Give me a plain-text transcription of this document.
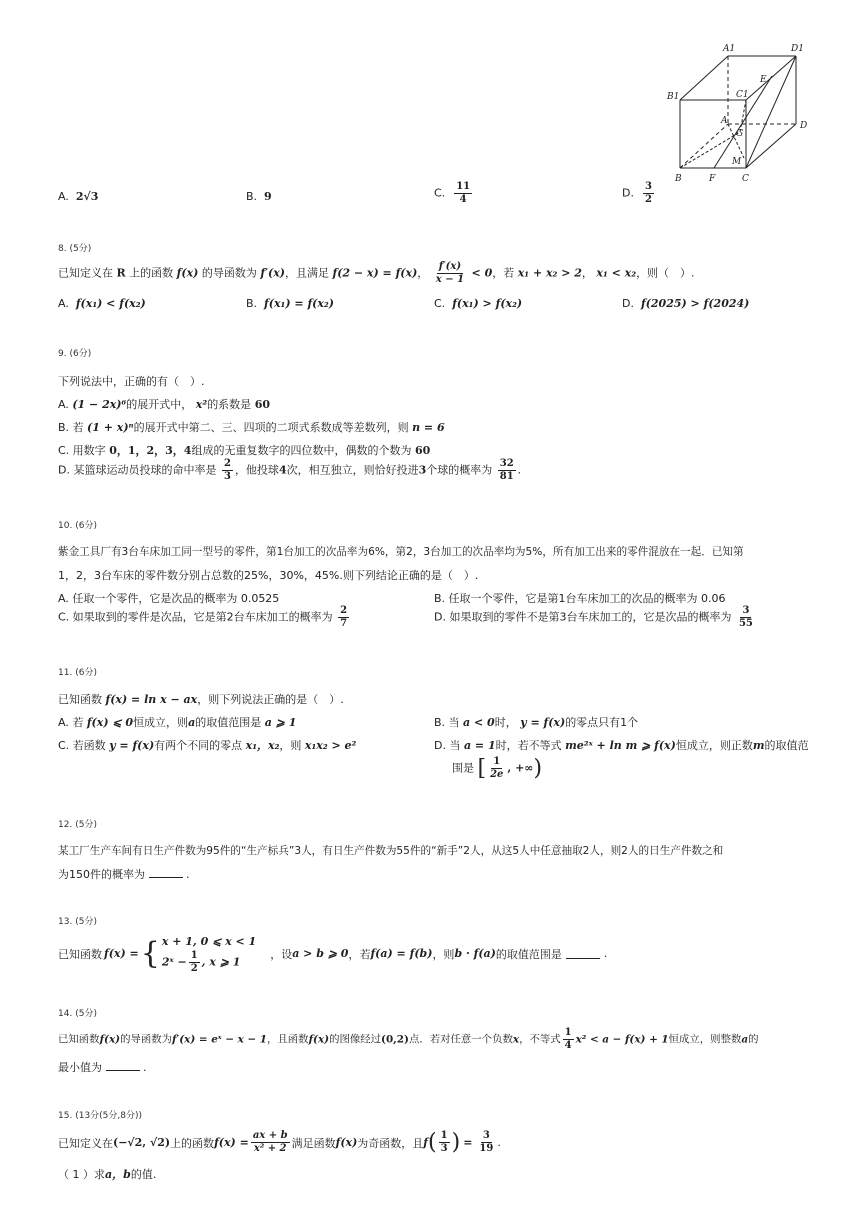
A1	D1
B1	C1
E
A
G
D
M
B	F	C
A. 2√3	B. 9	C. $\frac{11}{4}$	D. $\frac{3}{2}$
8. (5分)
已知定义在 R 上的函数 f(x) 的导函数为 f′(x)，且满足 f(2 − x) = f(x)， $\frac{f'(x)}{x - 1} < 0$，若 x₁ + x₂ > 2， x₁ < x₂，则（　）.
A. f(x₁) < f(x₂)	B. f(x₁) = f(x₂)	C. f(x₁) > f(x₂)	D. f(2025) > f(2024)
9. (6分)
下列说法中，正确的有（　）.
A. (1 − 2x)⁶的展开式中， x²的系数是 60
B. 若 (1 + x)ⁿ的展开式中第二、三、四项的二项式系数成等差数列，则 n = 6
C. 用数字 0，1，2，3，4组成的无重复数字的四位数中，偶数的个数为 60
D. 某篮球运动员投球的命中率是 $\frac{2}{3}$ ，他投球4次，相互独立，则恰好投进3个球的概率为 $\frac{32}{81}$ .
10. (6分)
紫金工具厂有3台车床加工同一型号的零件，第1台加工的次品率为6%，第2，3台加工的次品率均为5%，所有加工出来的零件混放在一起．已知第
1，2，3台车床的零件数分别占总数的25%，30%，45%.则下列结论正确的是（　）.
A. 任取一个零件，它是次品的概率为 0.0525	B. 任取一个零件，它是第1台车床加工的次品的概率为 0.06
C. 如果取到的零件是次品，它是第2台车床加工的概率为 $\frac{2}{7}$	D. 如果取到的零件不是第3台车床加工的，它是次品的概率为 $\frac{3}{55}$
11. (6分)
已知函数 f(x) = ln x − ax，则下列说法正确的是（　）.
A. 若 f(x) ⩽ 0恒成立，则a的取值范围是 a ⩾ 1	B. 当 a < 0时， y = f(x)的零点只有1个
C. 若函数 y = f(x)有两个不同的零点 x₁，x₂，则 x₁x₂ > e²	D. 当 a = 1时，若不等式 me²ˣ + ln m ⩾ f(x)恒成立，则正数m的取值范
围是 [ $\frac{1}{2e}$ , +∞)
12. (5分)
某工厂生产车间有日生产件数为95件的“生产标兵”3人，有日生产件数为55件的“新手”2人，从这5人中任意抽取2人，则2人的日生产件数之和
为150件的概率为	.
13. (5分)
已知函数 f(x) = { x + 1, 0 ⩽ x < 1
2ˣ − $\frac{1}{2}$ , x ⩾ 1
，设 a > b ⩾ 0 ，若 f(a) = f(b) ，则 b · f(a) 的取值范围是	.
14. (5分)
已知函数f(x)的导函数为f′(x) = eˣ − x − 1，且函数f(x)的图像经过(0,2)点．若对任意一个负数x，不等式 $\frac{1}{4} x^2 < a - f(x) + 1$恒成立，则整数a的
最小值为	.
15. (13分(5分,8分))
已知定义在 (−√2, √2) 上的函数 $f(x) = \frac{ax + b}{\text{x² + 2}}$ 满足函数 f(x) 为奇函数，且 f ( $\frac{1}{3}$ ) = $\frac{3}{19}$ .
（ 1 ）求a，b的值.
